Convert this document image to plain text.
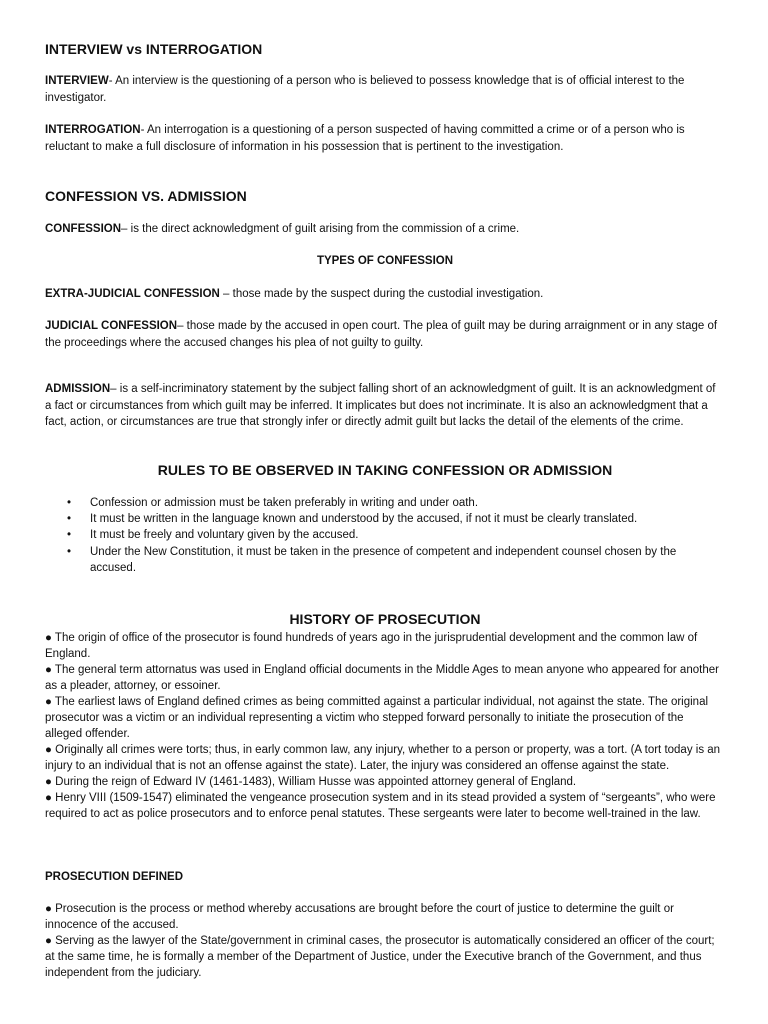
INTERVIEW vs INTERROGATION

INTERVIEW- An interview is the questioning of a person who is believed to possess knowledge that is of official interest to the investigator.

INTERROGATION- An interrogation is a questioning of a person suspected of having committed a crime or of a person who is reluctant to make a full disclosure of information in his possession that is pertinent to the investigation.

CONFESSION VS. ADMISSION

CONFESSION– is the direct acknowledgment of guilt arising from the commission of a crime.

TYPES OF CONFESSION

EXTRA-JUDICIAL CONFESSION – those made by the suspect during the custodial investigation.

JUDICIAL CONFESSION– those made by the accused in open court. The plea of guilt may be during arraignment or in any stage of the proceedings where the accused changes his plea of not guilty to guilty.

ADMISSION– is a self-incriminatory statement by the subject falling short of an acknowledgment of guilt. It is an acknowledgment of a fact or circumstances from which guilt may be inferred. It implicates but does not incriminate. It is also an acknowledgment that a fact, action, or circumstances are true that strongly infer or directly admit guilt but lacks the detail of the elements of the crime.

RULES TO BE OBSERVED IN TAKING CONFESSION OR ADMISSION
• Confession or admission must be taken preferably in writing and under oath.
• It must be written in the language known and understood by the accused, if not it must be clearly translated.
• It must be freely and voluntary given by the accused.
• Under the New Constitution, it must be taken in the presence of competent and independent counsel chosen by the accused.
HISTORY OF PROSECUTION

● The origin of office of the prosecutor is found hundreds of years ago in the jurisprudential development and the common law of England.

● The general term attornatus was used in England official documents in the Middle Ages to mean anyone who appeared for another as a pleader, attorney, or essoiner.

● The earliest laws of England defined crimes as being committed against a particular individual, not against the state. The original prosecutor was a victim or an individual representing a victim who stepped forward personally to initiate the prosecution of the alleged offender.

● Originally all crimes were torts; thus, in early common law, any injury, whether to a person or property, was a tort. (A tort today is an injury to an individual that is not an offense against the state). Later, the injury was considered an offense against the state.

● During the reign of Edward IV (1461-1483), William Husse was appointed attorney general of England.

● Henry VIII (1509-1547) eliminated the vengeance prosecution system and in its stead provided a system of “sergeants”, who were required to act as police prosecutors and to enforce penal statutes. These sergeants were later to become well-trained in the law.

PROSECUTION DEFINED

● Prosecution is the process or method whereby accusations are brought before the court of justice to determine the guilt or innocence of the accused.

● Serving as the lawyer of the State/government in criminal cases, the prosecutor is automatically considered an officer of the court; at the same time, he is formally a member of the Department of Justice, under the Executive branch of the Government, and thus independent from the judiciary.
